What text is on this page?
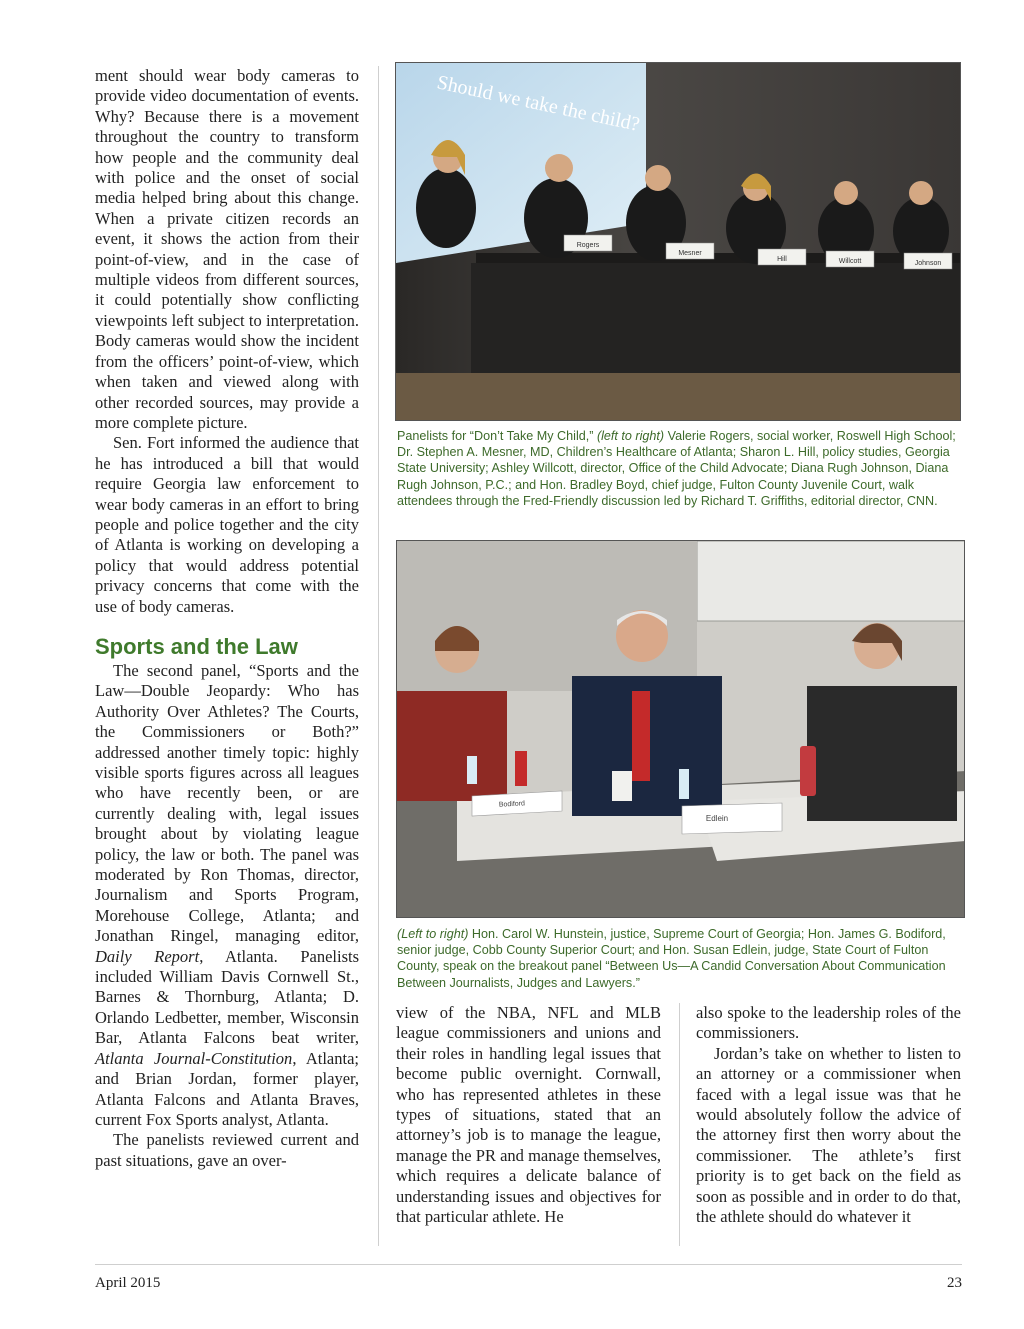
ment should wear body cameras to provide video documentation of events. Why? Because there is a movement throughout the country to transform how people and the community deal with police and the onset of social media helped bring about this change. When a private citizen records an event, it shows the action from their point-of-view, and in the case of multiple videos from different sources, it could potentially show conflicting viewpoints left subject to interpretation. Body cameras would show the incident from the officers’ point-of-view, which when taken and viewed along with other recorded sources, may provide a more complete picture.

Sen. Fort informed the audience that he has introduced a bill that would require Georgia law enforcement to wear body cameras in an effort to bring people and police together and the city of Atlanta is working on developing a policy that would address potential privacy concerns that come with the use of body cameras.

Sports and the Law

The second panel, “Sports and the Law—Double Jeopardy: Who has Authority Over Athletes? The Courts, the Commissioners or Both?” addressed another timely topic: highly visible sports figures across all leagues who have recently been, or are currently dealing with, legal issues brought about by violating league policy, the law or both. The panel was moderated by Ron Thomas, director, Journalism and Sports Program, Morehouse College, Atlanta; and Jonathan Ringel, managing editor, Daily Report, Atlanta. Panelists included William Davis Cornwell St., Barnes & Thornburg, Atlanta; D. Orlando Ledbetter, member, Wisconsin Bar, Atlanta Falcons beat writer, Atlanta Journal-Constitution, Atlanta; and Brian Jordan, former player, Atlanta Falcons and Atlanta Braves, current Fox Sports analyst, Atlanta.

The panelists reviewed current and past situations, gave an over-

Should we take the child?
Rogers
Mesner
Hill	Willcott	Johnson
Panelists for “Don’t Take My Child,” (left to right) Valerie Rogers, social worker, Roswell High School; Dr. Stephen A. Mesner, MD, Children’s Healthcare of Atlanta; Sharon L. Hill, policy studies, Georgia State University; Ashley Willcott, director, Office of the Child Advocate; Diana Rugh Johnson, Diana Rugh Johnson, P.C.; and Hon. Bradley Boyd, chief judge, Fulton County Juvenile Court, walk attendees through the Fred-Friendly discussion led by Richard T. Griffiths, editorial director, CNN.
Bodiford
Edlein
(Left to right) Hon. Carol W. Hunstein, justice, Supreme Court of Georgia; Hon. James G. Bodiford, senior judge, Cobb County Superior Court; and Hon. Susan Edlein, judge, State Court of Fulton County, speak on the breakout panel “Between Us—A Candid Conversation About Communication Between Journalists, Judges and Lawyers.”

view of the NBA, NFL and MLB league commissioners and unions and their roles in handling legal issues that become public overnight. Cornwall, who has represented athletes in these types of situations, stated that an attorney’s job is to manage the league, manage the PR and manage themselves, which requires a delicate balance of understanding issues and objectives for that particular athlete. He

also spoke to the leadership roles of the commissioners.

Jordan’s take on whether to listen to an attorney or a commissioner when faced with a legal issue was that he would absolutely follow the advice of the attorney first then worry about the commissioner. The athlete’s first priority is to get back on the field as soon as possible and in order to do that, the athlete should do whatever it

April 2015	23
